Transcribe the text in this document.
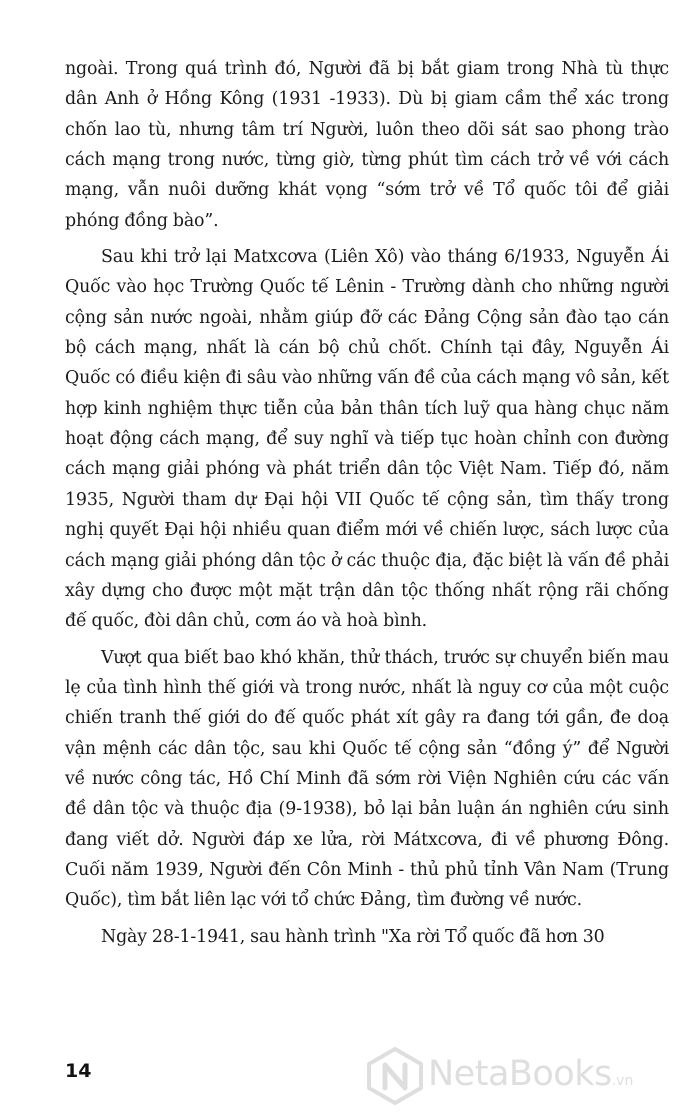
ngoài. Trong quá trình đó, Người đã bị bắt giam trong Nhà tù thực dân Anh ở Hồng Kông (1931 -1933). Dù bị giam cầm thể xác trong chốn lao tù, nhưng tâm trí Người, luôn theo dõi sát sao phong trào cách mạng trong nước, từng giờ, từng phút tìm cách trở về với cách mạng, vẫn nuôi dưỡng khát vọng “sớm trở về Tổ quốc tôi để giải phóng đồng bào”.

Sau khi trở lại Matxcơva (Liên Xô) vào tháng 6/1933, Nguyễn Ái Quốc vào học Trường Quốc tế Lênin - Trường dành cho những người cộng sản nước ngoài, nhằm giúp đỡ các Đảng Cộng sản đào tạo cán bộ cách mạng, nhất là cán bộ chủ chốt. Chính tại đây, Nguyễn Ái Quốc có điều kiện đi sâu vào những vấn đề của cách mạng vô sản, kết hợp kinh nghiệm thực tiễn của bản thân tích luỹ qua hàng chục năm hoạt động cách mạng, để suy nghĩ và tiếp tục hoàn chỉnh con đường cách mạng giải phóng và phát triển dân tộc Việt Nam. Tiếp đó, năm 1935, Người tham dự Đại hội VII Quốc tế cộng sản, tìm thấy trong nghị quyết Đại hội nhiều quan điểm mới về chiến lược, sách lược của cách mạng giải phóng dân tộc ở các thuộc địa, đặc biệt là vấn đề phải xây dựng cho được một mặt trận dân tộc thống nhất rộng rãi chống đế quốc, đòi dân chủ, cơm áo và hoà bình.

Vượt qua biết bao khó khăn, thử thách, trước sự chuyển biến mau lẹ của tình hình thế giới và trong nước, nhất là nguy cơ của một cuộc chiến tranh thế giới do đế quốc phát xít gây ra đang tới gần, đe doạ vận mệnh các dân tộc, sau khi Quốc tế cộng sản “đồng ý” để Người về nước công tác, Hồ Chí Minh đã sớm rời Viện Nghiên cứu các vấn đề dân tộc và thuộc địa (9-1938), bỏ lại bản luận án nghiên cứu sinh đang viết dở. Người đáp xe lửa, rời Mátxcơva, đi về phương Đông. Cuối năm 1939, Người đến Côn Minh - thủ phủ tỉnh Vân Nam (Trung Quốc), tìm bắt liên lạc với tổ chức Đảng, tìm đường về nước.

Ngày 28-1-1941, sau hành trình "Xa rời Tổ quốc đã hơn 30

14	NetaBooks.vn
